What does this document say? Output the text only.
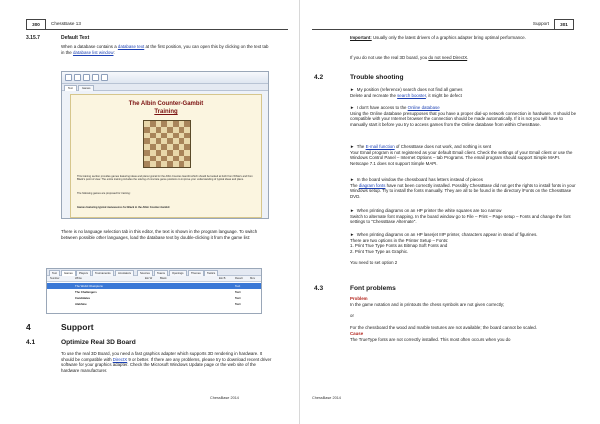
300	ChessBase 13
3.15.7	Default Text
When a database contains a database text at the first position, you can open this by clicking on the text tab in the database list window:
Text	Games
The Albin Counter-Gambit
Training
This training section provides games featuring ideas and plans typical for the Albin Counter-Gambit which should be looked at both from White's and from Black's point of view. The entire training includes the solving of concrete game positions to improve your understanding of typical ideas and plans.
The following games are proposed for training:
Games featuring typical manoeuvres for Black in the Albin Counter-Gambit
There is no language selection tab in this editor, the text is shown in the program language. To switch between possible other languages, load the database text by double-clicking it from the game list:
Text	Games	Players	Tournaments	Annotators	Sources	Teams	Openings	Themes	Tactics
Number	White	Elo W	Black	Elo B	Result	Mov
The World Champions	Text
The Challengers	Text
Candidates	Text
Alekhine	Text
4	Support
4.1	Optimize Real 3D Board
To use the real 3D Board, you need a fast graphics adapter which supports 3D rendering in hardware. It should be compatible with DirectX 9 or better. If there are any problems, please try to download recent driver software for your graphics adapter. Check the Microsoft Windows Update page or the web site of the hardware manufacturer.
ChessBase 2014
Support	301
Important: Usually only the latest drivers of a graphics adapter bring optimal performance.
If you do not use the real 3D board, you do not need DirectX.
4.2	Trouble shooting
►  My position (reference) search does not find all games
Delete and recreate the search booster, it might be defect
►  I don't have access to the Online database
Using the Online database presupposes that you have a proper dial-up network connection in hardware. It should be compatible with your Internet browser the connection should be made automatically. If it is not you will have to manually start it before you try to access games from the Online database from within ChessBase.
►  The E-mail function of ChessBase does not work, and nothing is sent
Your Email program is not registered as your default Email client. Check the settings of your Email client or use the Windows Control Panel – Internet Options – tab Programs. The email program should support Simple MAPI. Netscape 7.1 does not support Simple MAPI.
►  In the board window the chessboard has letters instead of pieces
The diagram fonts have not been correctly installed. Possibly ChessBase did not get the rights to install fonts in your Windows setup. Try to install the fonts manually. They are all to be found in the directory \Fonts on the ChessBase DVD.
►  When printing diagrams on an HP printer the white squares are too narrow
Switch to alternate font mapping. In the board window go to File – Print – Page setup – Fonts and change the font settings to "ChessBase Alternate".
►  When printing diagrams on an HP laserjet IIIP printer, characters appear in stead of figurines.
There are two options in the Printer Setup – Fonts:
1. Print True Type Fonts as Bitmap Soft Fonts and
2. Print True Type as Graphic.
You need to set option 2
4.3	Font problems
Problem
In the game notation and in printouts the chess symbols are not given correctly;
or
For the chessboard the wood and marble textures are not available; the board cannot be scaled.
Cause
The TrueType fonts are not correctly installed. This most often occurs when you do
ChessBase 2014
